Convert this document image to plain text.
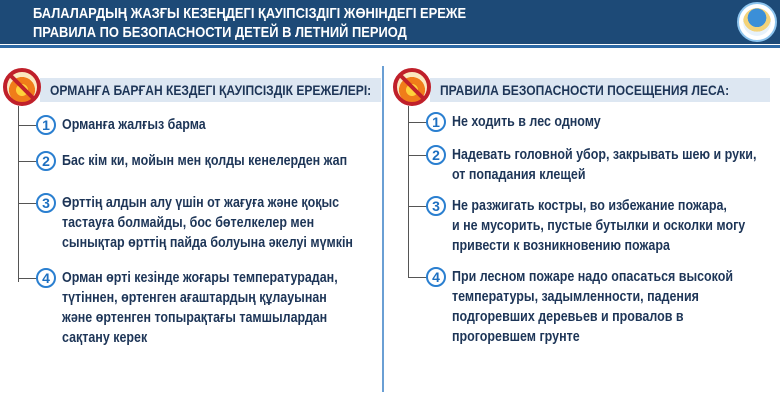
БАЛАЛАРДЫҢ ЖАЗҒЫ КЕЗЕҢДЕГІ ҚАУІПСІЗДІГІ ЖӨНІНДЕГІ ЕРЕЖЕ
ПРАВИЛА ПО БЕЗОПАСНОСТИ ДЕТЕЙ В ЛЕТНИЙ ПЕРИОД
ОРМАНҒА БАРҒАН КЕЗДЕГІ ҚАУІПСІЗДІК ЕРЕЖЕЛЕРІ:	ПРАВИЛА БЕЗОПАСНОСТИ ПОСЕЩЕНИЯ ЛЕСА:
1 Орманға жалғыз барма
2 Бас кім ки, мойын мен қолды кенелерден жап
3 Өрттің алдын алу үшін от жағуға және қоқыс
тастауға болмайды, бос бөтелкелер мен
сынықтар өрттің пайда болуына әкелуі мүмкін
4 Орман өрті кезінде жоғары температурадан,
түтіннен, өртенген ағаштардың құлауынан
және өртенген топырақтағы тамшылардан
сақтану керек
1 Не ходить в лес одному
2 Надевать головной убор, закрывать шею и руки,
от попадания клещей
3 Не разжигать костры, во избежание пожара,
и не мусорить, пустые бутылки и осколки могу
привести к возникновению пожара
4 При лесном пожаре надо опасаться высокой
температуры, задымленности, падения
подгоревших деревьев и провалов в
прогоревшем грунте
